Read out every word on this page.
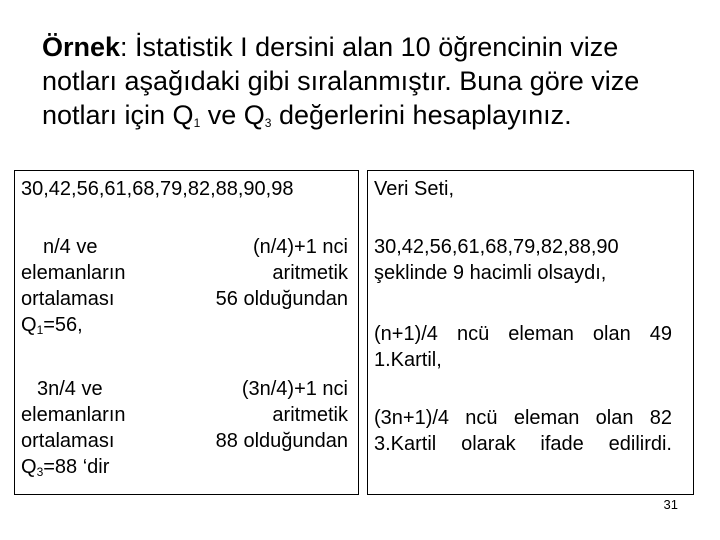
Örnek: İstatistik I dersini alan 10 öğrencinin vize notları aşağıdaki gibi sıralanmıştır. Buna göre vize notları için $Q_1$ ve $Q_3$ değerlerini hesaplayınız.

30,42,56,61,68,79,82,88,90,98
n/4 ve	(n/4)+1 nci
elemanların	aritmetik
ortalaması	56 olduğundan
$Q_1=56$,
3n/4 ve	(3n/4)+1 nci
elemanların	aritmetik
ortalaması	88 olduğundan
$Q_3=88$ ‘dir
Veri Seti,
30,42,56,61,68,79,82,88,90
şeklinde 9 hacimli olsaydı,
(n+1)/4 ncü eleman olan 49 1.Kartil,
(3n+1)/4 ncü eleman olan 82 3.Kartil olarak ifade edilirdi.
31
